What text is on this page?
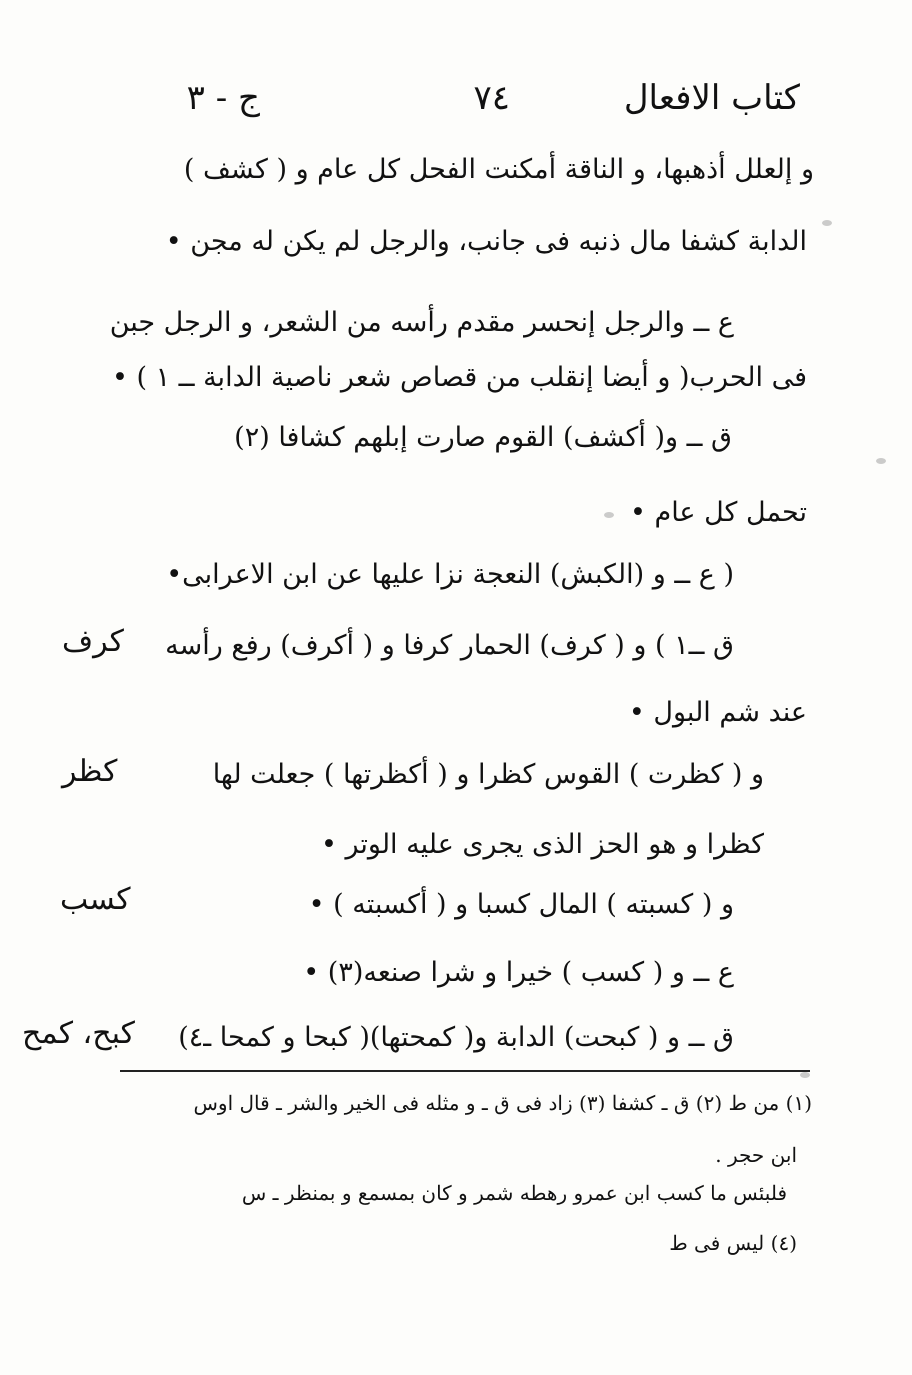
كتاب الافعال
٧٤
ج - ٣
و إلعلل أذهبها، و الناقة أمكنت الفحل كل عام و ( كشف )
الدابة كشفا مال ذنبه فى جانب، والرجل لم يكن له مجن •
ع ــ والرجل إنحسر مقدم رأسه من الشعر، و الرجل جبن
فى الحرب( و أيضا إنقلب من قصاص شعر ناصية الدابة ــ ١ ) •
ق ــ و( أكشف) القوم صارت إبلهم كشافا (٢)
تحمل كل عام •
( ع ــ و (الكبش) النعجة نزا عليها عن ابن الاعرابى•
ق ــ١ ) و ( كرف) الحمار كرفا و ( أكرف) رفع رأسه
عند شم البول •
و ( كظرت ) القوس كظرا و ( أكظرتها ) جعلت لها
كظرا و هو الحز الذى يجرى عليه الوتر •
و ( كسبته ) المال كسبا و ( أكسبته ) •
ع ــ و ( كسب ) خيرا و شرا صنعه(٣) •
ق ــ و ( كبحت) الدابة و( كمحتها)( كبحا و كمحا ـ٤)
كرف
كظر
كسب
كبح، كمح
(١) من ط (٢) ق ـ كشفا (٣) زاد فى ق ـ و مثله فى الخير والشر ـ قال اوس
ابن حجر .
فلبئس ما كسب ابن عمرو رهطه شمر و كان بمسمع و بمنظر ـ س
(٤) ليس فى ط
